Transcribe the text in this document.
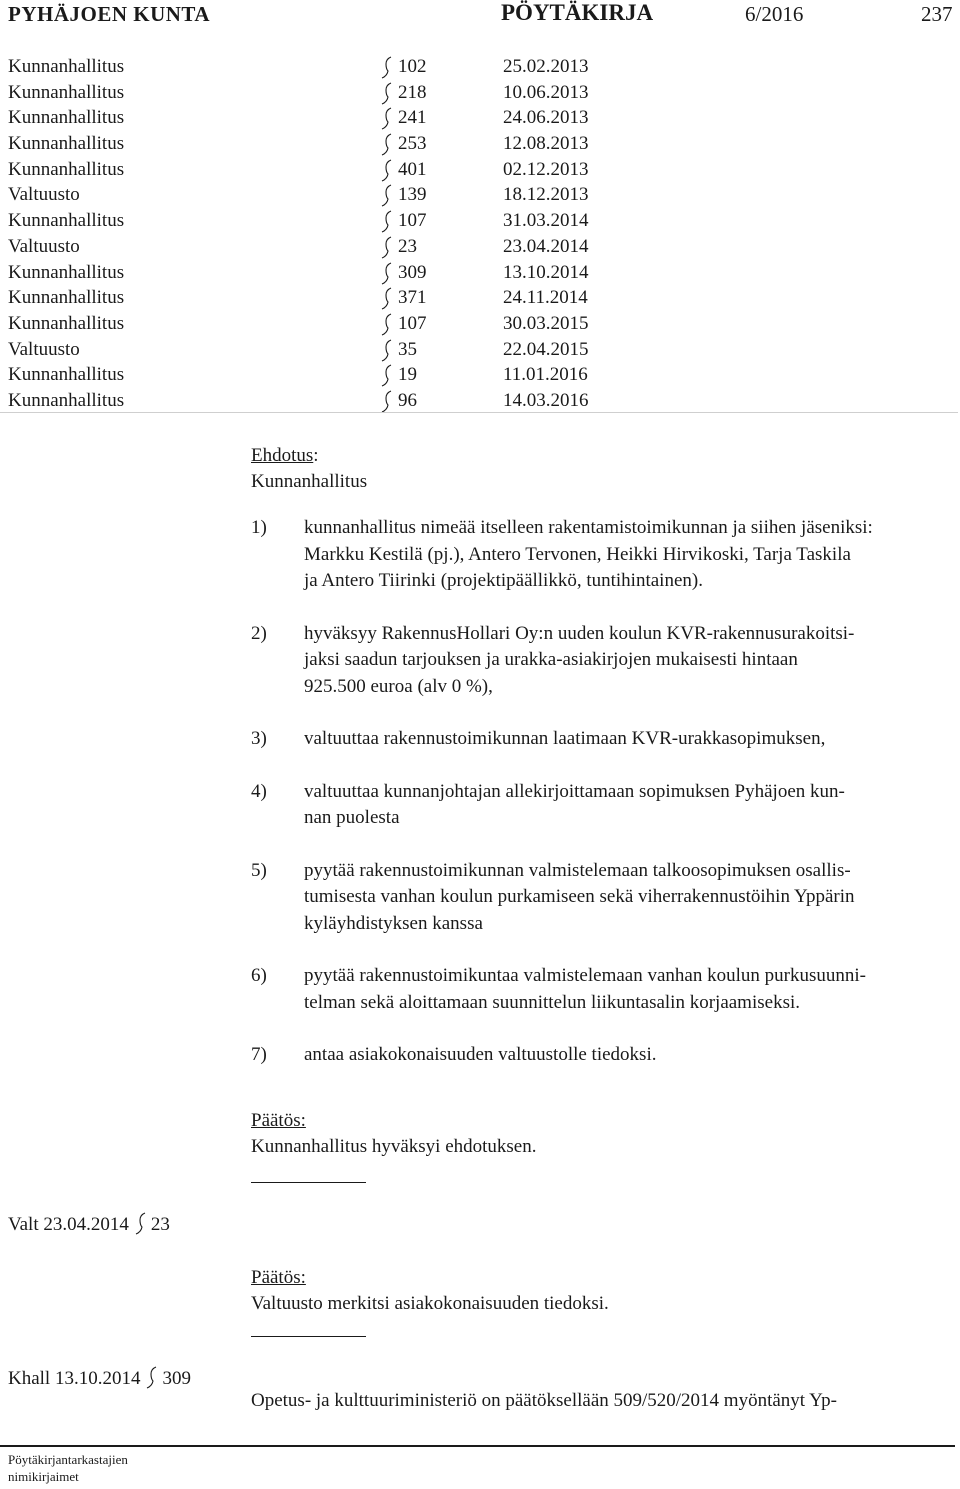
PYHÄJOEN KUNTA	PÖYTÄKIRJA	6/2016	237
Kunnanhallitus	102	25.02.2013
Kunnanhallitus	218	10.06.2013
Kunnanhallitus	241	24.06.2013
Kunnanhallitus	253	12.08.2013
Kunnanhallitus	401	02.12.2013
Valtuusto	139	18.12.2013
Kunnanhallitus	107	31.03.2014
Valtuusto	23	23.04.2014
Kunnanhallitus	309	13.10.2014
Kunnanhallitus	371	24.11.2014
Kunnanhallitus	107	30.03.2015
Valtuusto	35	22.04.2015
Kunnanhallitus	19	11.01.2016
Kunnanhallitus	96	14.03.2016
Ehdotus:
Kunnanhallitus
1) kunnanhallitus nimeää itselleen rakentamistoimikunnan ja siihen jäseniksi:
Markku Kestilä (pj.), Antero Tervonen, Heikki Hirvikoski, Tarja Taskila
ja Antero Tiirinki (projektipäällikkö, tuntihintainen).
2) hyväksyy RakennusHollari Oy:n uuden koulun KVR-rakennusurakoitsi-
jaksi saadun tarjouksen ja urakka-asiakirjojen mukaisesti hintaan
925.500 euroa (alv 0 %),
3) valtuuttaa rakennustoimikunnan laatimaan KVR-urakkasopimuksen,
4) valtuuttaa kunnanjohtajan allekirjoittamaan sopimuksen Pyhäjoen kun-
nan puolesta
5) pyytää rakennustoimikunnan valmistelemaan talkoosopimuksen osallis-
tumisesta vanhan koulun purkamiseen sekä viherrakennustöihin Yppärin
kyläyhdistyksen kanssa
6) pyytää rakennustoimikuntaa valmistelemaan vanhan koulun purkusuunni-
telman sekä aloittamaan suunnittelun liikuntasalin korjaamiseksi.
7) antaa asiakokonaisuuden valtuustolle tiedoksi.
Päätös:
Kunnanhallitus hyväksyi ehdotuksen.
Valt 23.04.2014 23
Päätös:
Valtuusto merkitsi asiakokonaisuuden tiedoksi.
Khall 13.10.2014 309
Opetus- ja kulttuuriministeriö on päätöksellään 509/520/2014 myöntänyt Yp-
Pöytäkirjantarkastajien
nimikirjaimet
